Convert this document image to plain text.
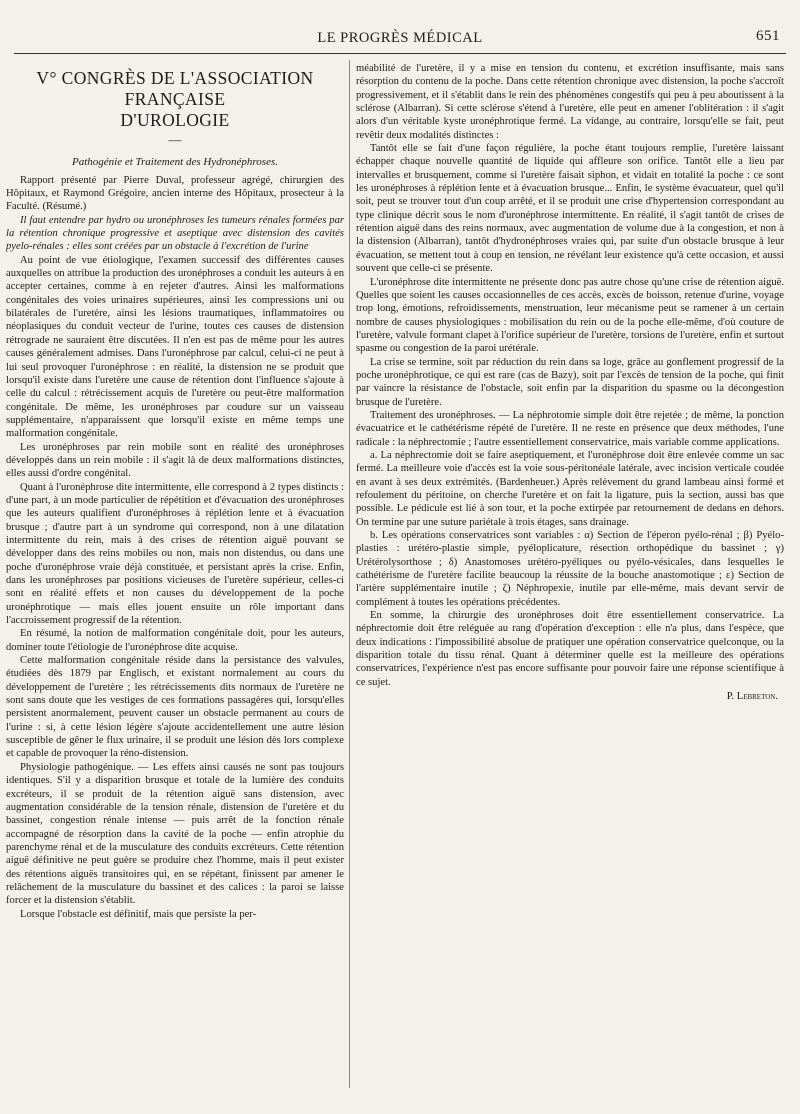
LE PROGRÈS MÉDICAL	651
V° CONGRÈS DE L'ASSOCIATION FRANÇAISE
D'UROLOGIE
—
Pathogénie et Traitement des Hydronéphroses.

Rapport présenté par Pierre Duval, professeur agrégé, chirurgien des Hôpitaux, et Raymond Grégoire, ancien interne des Hôpitaux, prosecteur à la Faculté. (Résumé.)

Il faut entendre par hydro ou uronéphroses les tumeurs rénales formées par la rétention chronique progressive et aseptique avec distension des cavités pyelo-rénales : elles sont créées par un obstacle à l'excrétion de l'urine

Au point de vue étiologique, l'examen successif des différentes causes auxquelles on attribue la production des uronéphroses a conduit les auteurs à en accepter certaines, comme à en rejeter d'autres. Ainsi les malformations congénitales des voies urinaires supérieures, ainsi les compressions uni ou bilatérales de l'uretère, ainsi les lésions traumatiques, inflammatoires ou néoplasiques du conduit vecteur de l'urine, toutes ces causes de distension rétrograde ne sauraient être discutées. Il n'en est pas de même pour les autres causes généralement admises. Dans l'uronéphrose par calcul, celui-ci ne peut à lui seul provoquer l'uronéphrose : en réalité, la distension ne se produit que lorsqu'il existe dans l'uretère une cause de rétention dont l'influence s'ajoute à celle du calcul : rétrécissement acquis de l'uretère ou peut-être malformation congénitale. De même, les uronéphroses par coudure sur un vaisseau supplémentaire, n'apparaissent que lorsqu'il existe en même temps une malformation congénitale.

Les uronéphroses par rein mobile sont en réalité des uronéphroses développés dans un rein mobile : il s'agit là de deux malformations distinctes, elles aussi d'ordre congénital.

Quant à l'uronéphrose dite intermittente, elle correspond à 2 types distincts : d'une part, à un mode particulier de répétition et d'évacuation des uronéphroses que les auteurs qualifient d'uronéphroses à réplétion lente et à évacuation brusque ; d'autre part à un syndrome qui correspond, non à une dilatation intermittente du rein, mais à des crises de rétention aiguë pouvant se développer dans des reins mobiles ou non, mais non distendus, ou dans une poche d'uronéphrose vraie déjà constituée, et persistant après la crise. Enfin, dans les uronéphroses par positions vicieuses de l'uretère supérieur, celles-ci sont en réalité effets et non causes du développement de la poche uronéphrotique — mais elles jouent ensuite un rôle important dans l'accroissement progressif de la rétention.

En résumé, la notion de malformation congénitale doit, pour les auteurs, dominer toute l'étiologie de l'uronéphrose dite acquise.

Cette malformation congénitale réside dans la persistance des valvules, étudiées dès 1879 par Englisch, et existant normalement au cours du développement de l'uretère ; les rétrécissements dits normaux de l'uretère ne sont sans doute que les vestiges de ces formations passagères qui, lorsqu'elles persistent anormalement, peuvent causer un obstacle permanent au cours de l'urine : si, à cette lésion légère s'ajoute accidentellement une autre lésion susceptible de gêner le flux urinaire, il se produit une lésion dès lors complexe et capable de provoquer la réno-distension.

Physiologie pathogénique. — Les effets ainsi causés ne sont pas toujours identiques. S'il y a disparition brusque et totale de la lumière des conduits excréteurs, il se produit de la rétention aiguë sans distension, avec augmentation considérable de la tension rénale, distension de l'uretère et du bassinet, congestion rénale intense — puis arrêt de la fonction rénale accompagné de résorption dans la cavité de la poche — enfin atrophie du parenchyme rénal et de la musculature des conduits excréteurs. Cette rétention aiguë définitive ne peut guère se produire chez l'homme, mais il peut exister des rétentions aiguës transitoires qui, en se répétant, finissent par amener le relâchement de la musculature du bassinet et des calices : la paroi se laisse forcer et la distension s'établit.

Lorsque l'obstacle est définitif, mais que persiste la per-

méabilité de l'uretère, il y a mise en tension du contenu, et excrétion insuffisante, mais sans résorption du contenu de la poche. Dans cette rétention chronique avec distension, la poche s'accroît progressivement, et il s'établit dans le rein des phénomènes congestifs qui peu à peu aboutissent à la sclérose (Albarran). Si cette sclérose s'étend à l'uretère, elle peut en amener l'oblitération : il s'agit alors d'un véritable kyste uronéphrotique fermé. La vidange, au contraire, lorsqu'elle se fait, peut revêtir deux modalités distinctes :

Tantôt elle se fait d'une façon régulière, la poche étant toujours remplie, l'uretère laissant échapper chaque nouvelle quantité de liquide qui affleure son orifice. Tantôt elle a lieu par intervalles et brusquement, comme si l'uretère faisait siphon, et vidait en totalité la poche : ce sont les uronéphroses à réplétion lente et à évacuation brusque... Enfin, le système évacuateur, quel qu'il soit, peut se trouver tout d'un coup arrêté, et il se produit une crise d'hypertension correspondant au type clinique décrit sous le nom d'uronéphrose intermittente. En réalité, il s'agit tantôt de crises de rétention aiguë dans des reins normaux, avec augmentation de volume due à la congestion, et non à la distension (Albarran), tantôt d'hydronéphroses vraies qui, par suite d'un obstacle brusque à leur évacuation, se mettent tout à coup en tension, ne révélant leur existence qu'à cette occasion, et aussi souvent que celle-ci se présente.

L'uronéphrose dite intermittente ne présente donc pas autre chose qu'une crise de rétention aiguë. Quelles que soient les causes occasionnelles de ces accès, excès de boisson, retenue d'urine, voyage trop long, émotions, refroidissements, menstruation, leur mécanisme peut se ramener à un certain nombre de causes physiologiques : mobilisation du rein ou de la poche elle-même, d'où couture de l'uretère, valvule formant clapet à l'orifice supérieur de l'uretère, torsions de l'uretère, enfin et surtout spasme ou congestion de la paroi urétérale.

La crise se termine, soit par réduction du rein dans sa loge, grâce au gonflement progressif de la poche uronéphrotique, ce qui est rare (cas de Bazy), soit par l'excès de tension de la poche, qui finit par vaincre la résistance de l'obstacle, soit enfin par la disparition du spasme ou la décongestion brusque de l'uretère.

Traitement des uronéphroses. — La néphrotomie simple doit être rejetée ; de même, la ponction évacuatrice et le cathétérisme répété de l'uretère. Il ne reste en présence que deux méthodes, l'une radicale : la néphrectomie ; l'autre essentiellement conservatrice, mais variable comme applications.

a. La néphrectomie doit se faire aseptiquement, et l'uronéphrose doit être enlevée comme un sac fermé. La meilleure voie d'accès est la voie sous-péritonéale latérale, avec incision verticale coudée en avant à ses deux extrémités. (Bardenheuer.) Après relèvement du grand lambeau ainsi formé et refoulement du péritoine, on cherche l'uretère et on fait la ligature, puis la section, aussi bas que possible. Le pédicule est lié à son tour, et la poche extirpée par retournement de dedans en dehors. On termine par une suture pariétale à trois étages, sans drainage.

b. Les opérations conservatrices sont variables : α) Section de l'éperon pyélo-rénal ; β) Pyélo-plasties : urétéro-plastie simple, pyéloplicature, résection orthopédique du bassinet ; γ) Urétérolysorthose ; δ) Anastomoses urétéro-pyéliques ou pyélo-vésicales, dans lesquelles le cathétérisme de l'uretère facilite beaucoup la réussite de la bouche anastomotique ; ε) Section de l'artère supplémentaire inutile ; ζ) Néphropexie, inutile par elle-même, mais devant servir de complément à toutes les opérations précédentes.

En somme, la chirurgie des uronéphroses doit être essentiellement conservatrice. La néphrectomie doit être reléguée au rang d'opération d'exception : elle n'a plus, dans l'espèce, que deux indications : l'impossibilité absolue de pratiquer une opération conservatrice quelconque, ou la disparition totale du tissu rénal. Quant à déterminer quelle est la meilleure des opérations conservatrices, l'expérience n'est pas encore suffisante pour pouvoir faire une réponse scientifique à ce sujet.

P. Lebreton.
